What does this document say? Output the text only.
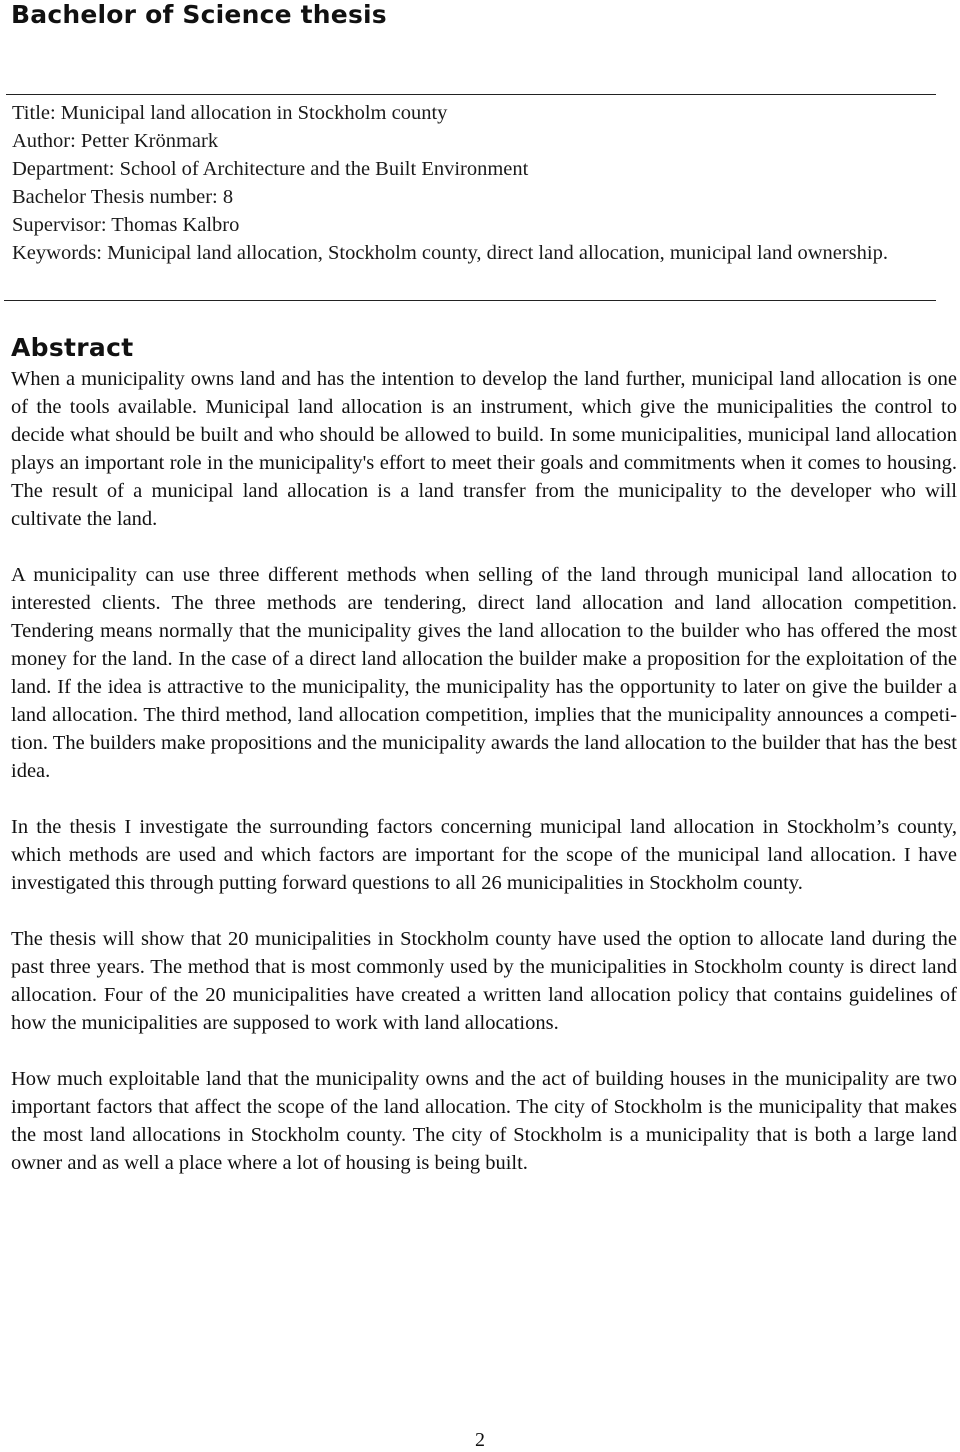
Bachelor of Science thesis
Title: Municipal land allocation in Stockholm county
Author: Petter Krönmark
Department: School of Architecture and the Built Environment
Bachelor Thesis number: 8
Supervisor: Thomas Kalbro
Keywords: Municipal land allocation, Stockholm county, direct land allocation, municipal land ownership.
Abstract

When a municipality owns land and has the intention to develop the land further, municipal land allocation is one of the tools available. Municipal land allocation is an instrument, which give the municipalities the control to decide what should be built and who should be allowed to build. In some municipalities, municipal land allocation plays an important role in the municipality's effort to meet their goals and commitments when it comes to housing. The result of a municipal land allocation is a land transfer from the municipality to the developer who will cultivate the land.

A municipality can use three different methods when selling of the land through municipal land allocation to interested clients. The three methods are tendering, direct land allocation and land allocation competition. Tendering means normally that the municipality gives the land allocation to the builder who has offered the most money for the land. In the case of a direct land allocation the builder make a proposition for the exploitation of the land. If the idea is attractive to the municipality, the municipality has the opportunity to later on give the builder a land allocation. The third method, land allocation competition, implies that the municipality announces a competition. The builders make propositions and the municipality awards the land allocation to the builder that has the best idea.

In the thesis I investigate the surrounding factors concerning municipal land allocation in Stockholm’s county, which methods are used and which factors are important for the scope of the municipal land allocation. I have investigated this through putting forward questions to all 26 municipalities in Stockholm county.

The thesis will show that 20 municipalities in Stockholm county have used the option to allocate land during the past three years. The method that is most commonly used by the municipalities in Stockholm county is direct land allocation. Four of the 20 municipalities have created a written land allocation policy that contains guidelines of how the municipalities are supposed to work with land allocations.

How much exploitable land that the municipality owns and the act of building houses in the municipality are two important factors that affect the scope of the land allocation. The city of Stockholm is the municipality that makes the most land allocations in Stockholm county. The city of Stockholm is a municipality that is both a large land owner and as well a place where a lot of housing is being built.

2
